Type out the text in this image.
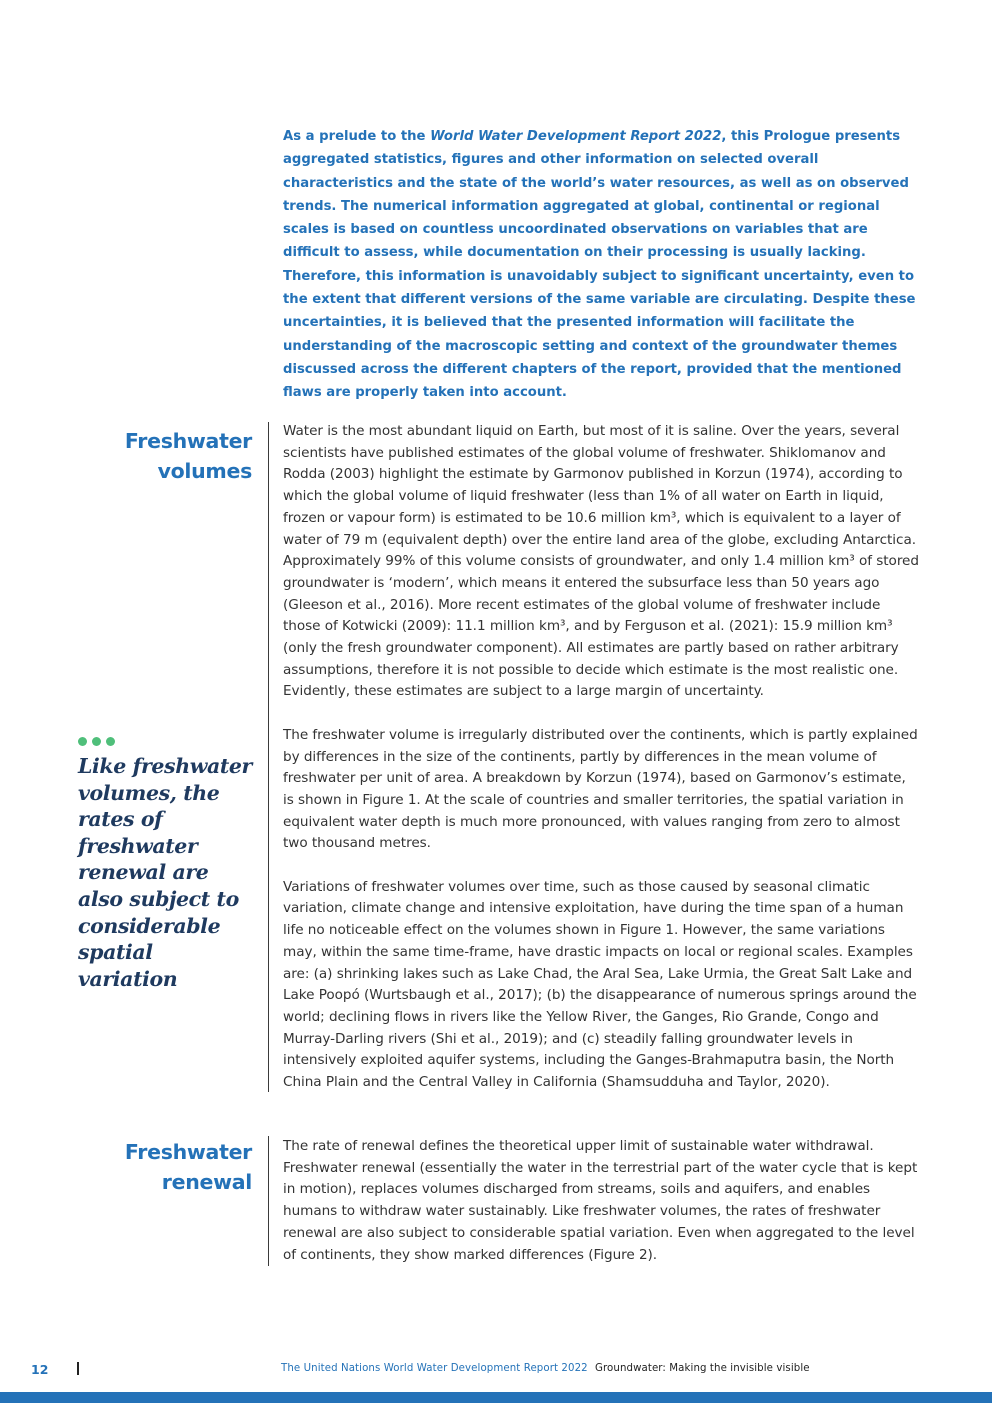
As a prelude to the World Water Development Report 2022, this Prologue presents aggregated statistics, figures and other information on selected overall characteristics and the state of the world’s water resources, as well as on observed trends. The numerical information aggregated at global, continental or regional scales is based on countless uncoordinated observations on variables that are difficult to assess, while documentation on their processing is usually lacking. Therefore, this information is unavoidably subject to significant uncertainty, even to the extent that different versions of the same variable are circulating. Despite these uncertainties, it is believed that the presented information will facilitate the understanding of the macroscopic setting and context of the groundwater themes discussed across the different chapters of the report, provided that the mentioned flaws are properly taken into account.
Freshwater
volumes

Water is the most abundant liquid on Earth, but most of it is saline. Over the years, several scientists have published estimates of the global volume of freshwater. Shiklomanov and Rodda (2003) highlight the estimate by Garmonov published in Korzun (1974), according to which the global volume of liquid freshwater (less than 1% of all water on Earth in liquid, frozen or vapour form) is estimated to be 10.6 million km³, which is equivalent to a layer of water of 79 m (equivalent depth) over the entire land area of the globe, excluding Antarctica. Approximately 99% of this volume consists of groundwater, and only 1.4 million km³ of stored groundwater is ‘modern’, which means it entered the subsurface less than 50 years ago (Gleeson et al., 2016). More recent estimates of the global volume of freshwater include those of Kotwicki (2009): 11.1 million km³, and by Ferguson et al. (2021): 15.9 million km³ (only the fresh groundwater component). All estimates are partly based on rather arbitrary assumptions, therefore it is not possible to decide which estimate is the most realistic one. Evidently, these estimates are subject to a large margin of uncertainty.

The freshwater volume is irregularly distributed over the continents, which is partly explained by differences in the size of the continents, partly by differences in the mean volume of freshwater per unit of area. A breakdown by Korzun (1974), based on Garmonov’s estimate, is shown in Figure 1. At the scale of countries and smaller territories, the spatial variation in equivalent water depth is much more pronounced, with values ranging from zero to almost two thousand metres.

Variations of freshwater volumes over time, such as those caused by seasonal climatic variation, climate change and intensive exploitation, have during the time span of a human life no noticeable effect on the volumes shown in Figure 1. However, the same variations may, within the same time-frame, have drastic impacts on local or regional scales. Examples are: (a) shrinking lakes such as Lake Chad, the Aral Sea, Lake Urmia, the Great Salt Lake and Lake Poopó (Wurtsbaugh et al., 2017); (b) the disappearance of numerous springs around the world; declining flows in rivers like the Yellow River, the Ganges, Rio Grande, Congo and Murray-Darling rivers (Shi et al., 2019); and (c) steadily falling groundwater levels in intensively exploited aquifer systems, including the Ganges-Brahmaputra basin, the North China Plain and the Central Valley in California (Shamsudduha and Taylor, 2020).

Like freshwater volumes, the rates of freshwater renewal are also subject to considerable spatial variation
Freshwater
renewal

The rate of renewal defines the theoretical upper limit of sustainable water withdrawal. Freshwater renewal (essentially the water in the terrestrial part of the water cycle that is kept in motion), replaces volumes discharged from streams, soils and aquifers, and enables humans to withdraw water sustainably. Like freshwater volumes, the rates of freshwater renewal are also subject to considerable spatial variation. Even when aggregated to the level of continents, they show marked differences (Figure 2).

12	The United Nations World Water Development Report 2022 Groundwater: Making the invisible visible
